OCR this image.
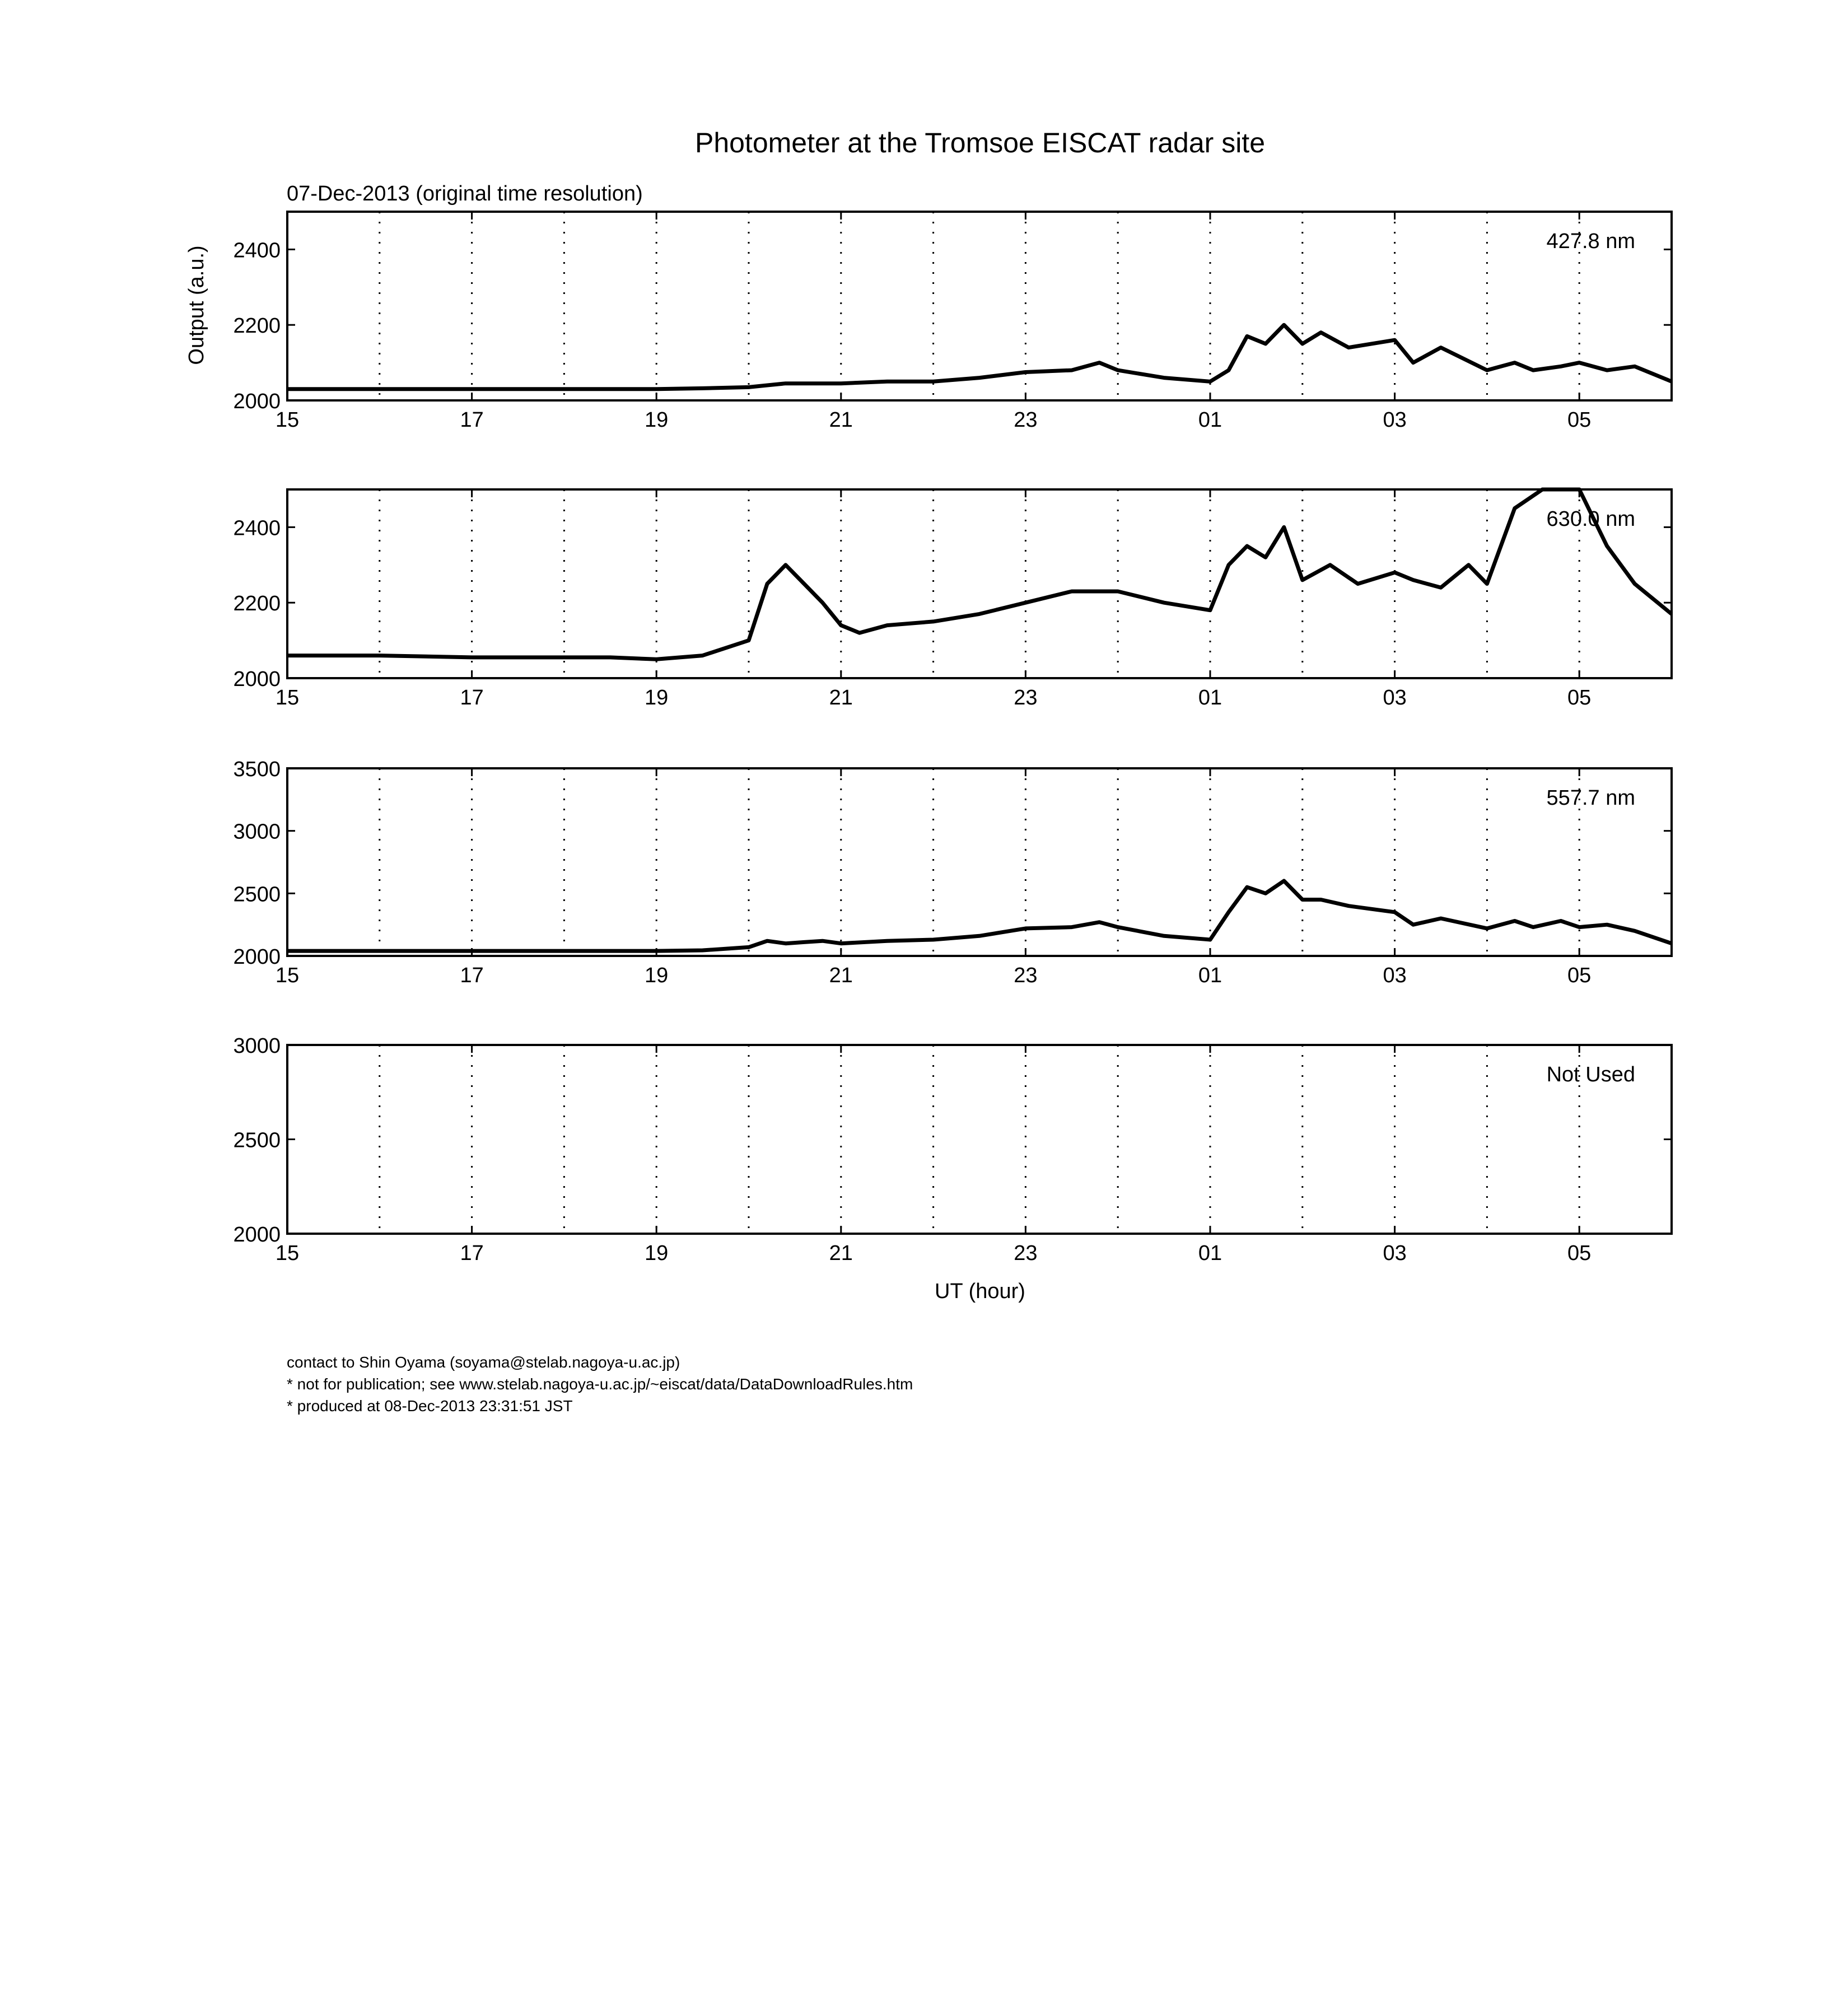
Photometer at the Tromsoe EISCAT radar site
07-Dec-2013 (original time resolution)
Output (a.u.)
UT (hour)
15	17	19	21	23	01	03	05
2000
2200
2400	427.8 nm
15	17	19	21	23	01	03	05
2000
2200
2400	630.0 nm
15	17	19	21	23	01	03	05
2000
2500
3000
3500
557.7 nm
15	17	19	21	23	01	03	05
2000
2500
3000
Not Used
contact to Shin Oyama (soyama@stelab.nagoya-u.ac.jp)
* not for publication; see www.stelab.nagoya-u.ac.jp/~eiscat/data/DataDownloadRules.htm
* produced at 08-Dec-2013 23:31:51 JST
